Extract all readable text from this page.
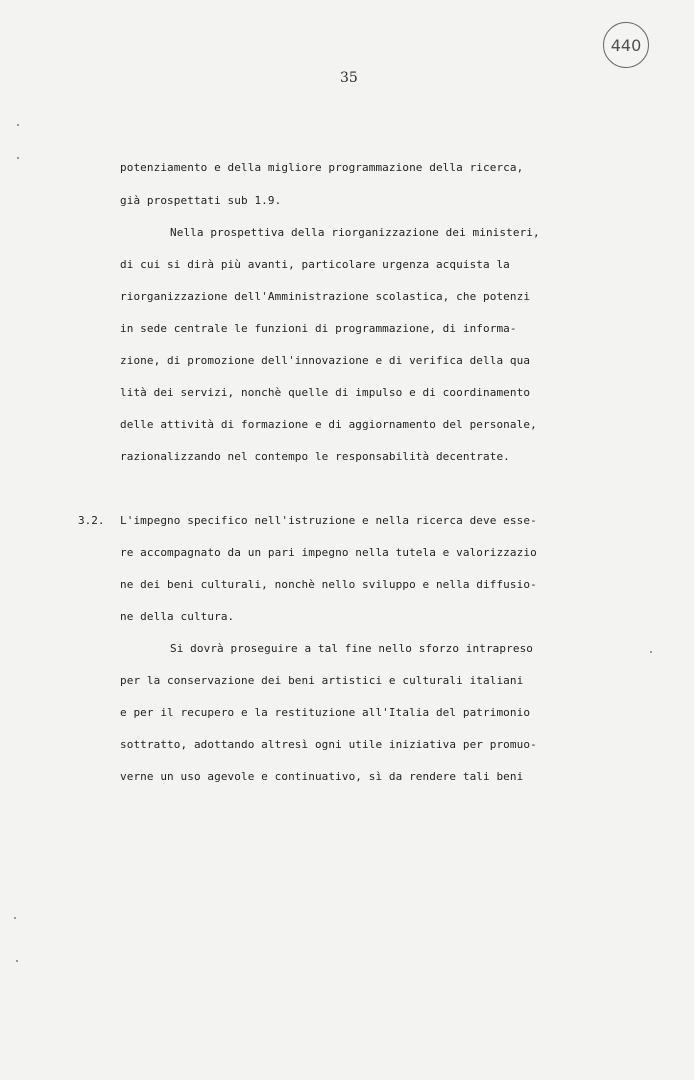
440
35

potenziamento e della migliore programmazione della ricerca,

già prospettati sub 1.9.

Nella prospettiva della riorganizzazione dei ministeri,

di cui si dirà più avanti, particolare urgenza acquista la

riorganizzazione dell'Amministrazione scolastica, che potenzi

in sede centrale le funzioni di programmazione, di informa-

zione, di promozione dell'innovazione e di verifica della qua

lità dei servizi, nonchè quelle di impulso e di coordinamento

delle attività di formazione e di aggiornamento del personale,

razionalizzando nel contempo le responsabilità decentrate.

3.2.	L'impegno specifico nell'istruzione e nella ricerca deve esse-

re accompagnato da un pari impegno nella tutela e valorizzazio

ne dei beni culturali, nonchè nello sviluppo e nella diffusio-

ne della cultura.

Si dovrà proseguire a tal fine nello sforzo intrapreso

per la conservazione dei beni artistici e culturali italiani

e per il recupero e la restituzione all'Italia del patrimonio

sottratto, adottando altresì ogni utile iniziativa per promuo-

verne un uso agevole e continuativo, sì da rendere tali beni
